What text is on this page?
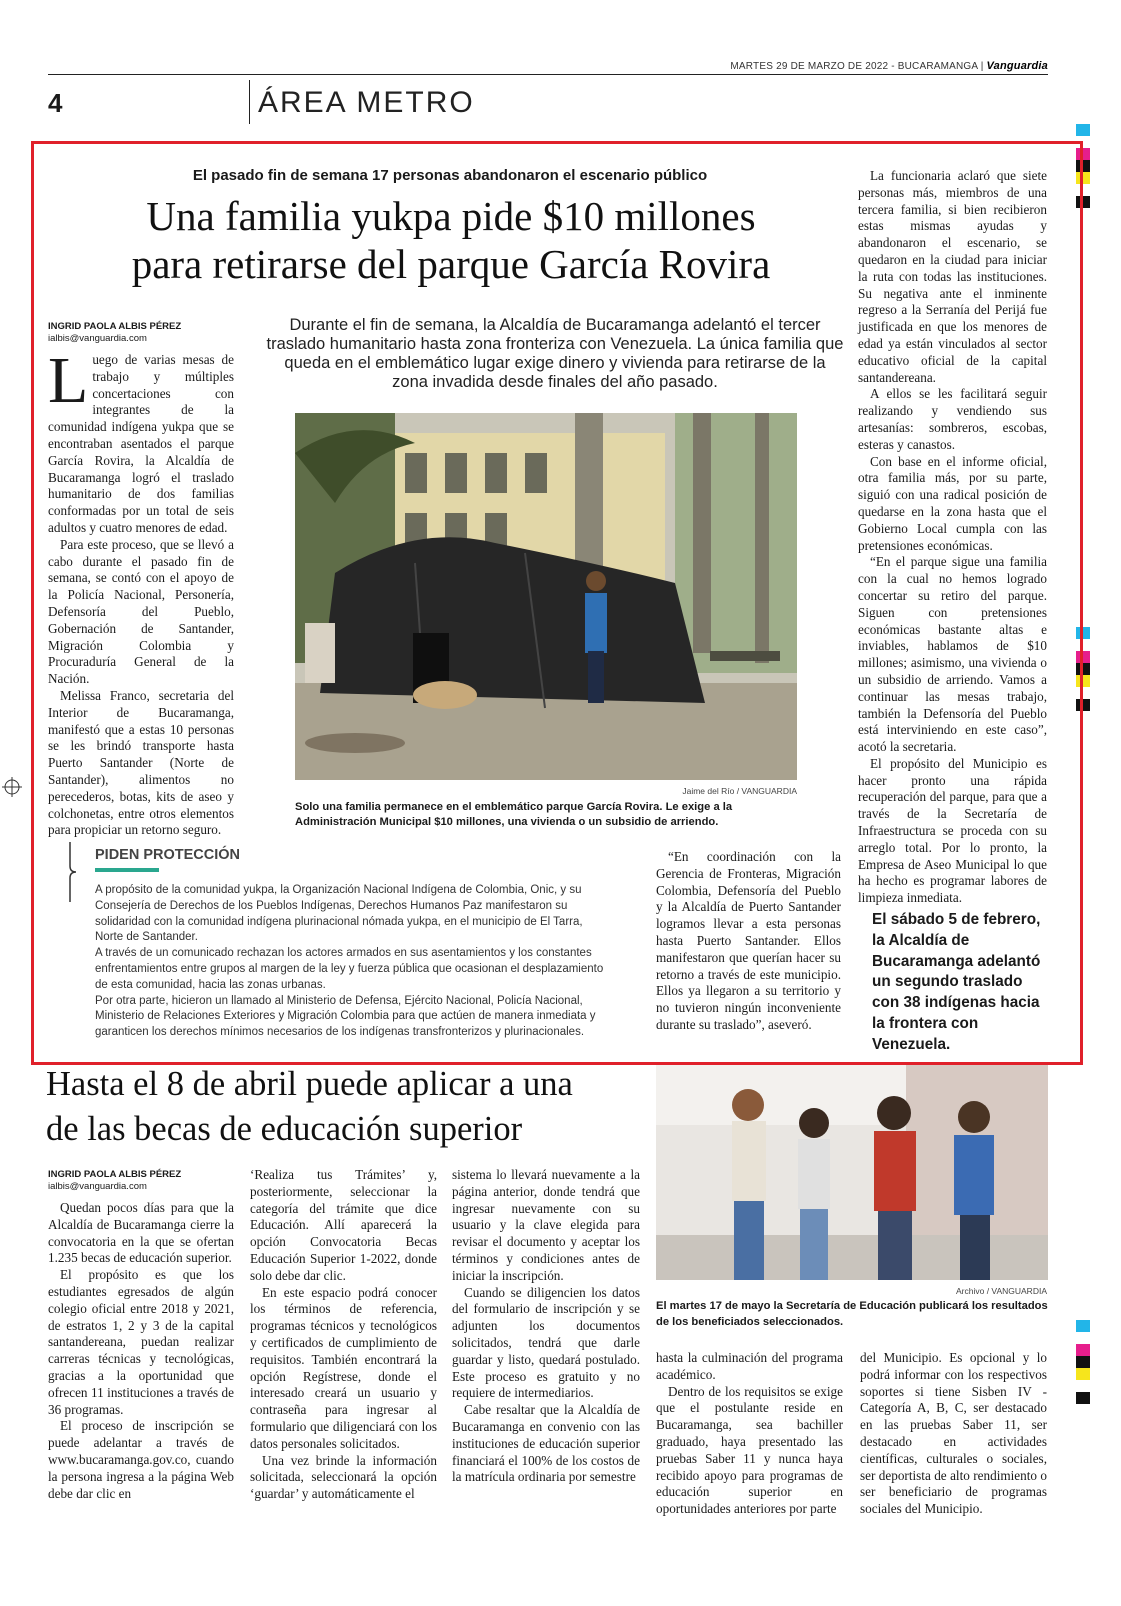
MARTES 29 DE MARZO DE 2022 - BUCARAMANGA | Vanguardia
4	ÁREA METRO
El pasado fin de semana 17 personas abandonaron el escenario público
Una familia yukpa pide $10 millones
para retirarse del parque García Rovira
INGRID PAOLA ALBIS PÉREZ
ialbis@vanguardia.com
Durante el fin de semana, la Alcaldía de Bucaramanga adelantó el tercer traslado humanitario hasta zona fronteriza con Venezuela. La única familia que queda en el emblemático lugar exige dinero y vivienda para retirarse de la zona invadida desde finales del año pasado.

Luego de varias mesas de trabajo y múltiples concertaciones con integrantes de la comunidad indígena yukpa que se encontraban asentados el parque García Rovira, la Alcaldía de Bucaramanga logró el traslado humanitario de dos familias conformadas por un total de seis adultos y cuatro menores de edad.

Para este proceso, que se llevó a cabo durante el pasado fin de semana, se contó con el apoyo de la Policía Nacional, Personería, Defensoría del Pueblo, Gobernación de Santander, Migración Colombia y Procuraduría General de la Nación.

Melissa Franco, secretaria del Interior de Bucaramanga, manifestó que a estas 10 personas se les brindó transporte hasta Puerto Santander (Norte de Santander), alimentos no perecederos, botas, kits de aseo y colchonetas, entre otros elementos para propiciar un retorno seguro.

Jaime del Río / VANGUARDIA
Solo una familia permanece en el emblemático parque García Rovira. Le exige a la Administración Municipal $10 millones, una vivienda o un subsidio de arriendo.

La funcionaria aclaró que siete personas más, miembros de una tercera familia, si bien recibieron estas mismas ayudas y abandonaron el escenario, se quedaron en la ciudad para iniciar la ruta con todas las instituciones. Su negativa ante el inminente regreso a la Serranía del Perijá fue justificada en que los menores de edad ya están vinculados al sector educativo oficial de la capital santandereana.

A ellos se les facilitará seguir realizando y vendiendo sus artesanías: sombreros, escobas, esteras y canastos.

Con base en el informe oficial, otra familia más, por su parte, siguió con una radical posición de quedarse en la zona hasta que el Gobierno Local cumpla con las pretensiones económicas.

“En el parque sigue una familia con la cual no hemos logrado concertar su retiro del parque. Siguen con pretensiones económicas bastante altas e inviables, hablamos de $10 millones; asimismo, una vivienda o un subsidio de arriendo. Vamos a continuar las mesas trabajo, también la Defensoría del Pueblo está interviniendo en este caso”, acotó la secretaria.

El propósito del Municipio es hacer pronto una rápida recuperación del parque, para que a través de la Secretaría de Infraestructura se proceda con su arreglo total. Por lo pronto, la Empresa de Aseo Municipal lo que ha hecho es programar labores de limpieza inmediata.

PIDEN PROTECCIÓN
A propósito de la comunidad yukpa, la Organización Nacional Indígena de Colombia, Onic, y su Consejería de Derechos de los Pueblos Indígenas, Derechos Humanos Paz manifestaron su solidaridad con la comunidad indígena plurinacional nómada yukpa, en el municipio de El Tarra, Norte de Santander.
A través de un comunicado rechazan los actores armados en sus asentamientos y los constantes enfrentamientos entre grupos al margen de la ley y fuerza pública que ocasionan el desplazamiento de esta comunidad, hacia las zonas urbanas.
Por otra parte, hicieron un llamado al Ministerio de Defensa, Ejército Nacional, Policía Nacional, Ministerio de Relaciones Exteriores y Migración Colombia para que actúen de manera inmediata y garanticen los derechos mínimos necesarios de los indígenas transfronterizos y plurinacionales.

“En coordinación con la Gerencia de Fronteras, Migración Colombia, Defensoría del Pueblo y la Alcaldía de Puerto Santander logramos llevar a esta personas hasta Puerto Santander. Ellos manifestaron que querían hacer su retorno a través de este municipio. Ellos ya llegaron a su territorio y no tuvieron ningún inconveniente durante su traslado”, aseveró.

El sábado 5 de febrero, la Alcaldía de Bucaramanga adelantó un segundo traslado con 38 indígenas hacia la frontera con Venezuela.
Hasta el 8 de abril puede aplicar a una
de las becas de educación superior
INGRID PAOLA ALBIS PÉREZ
ialbis@vanguardia.com

Quedan pocos días para que la Alcaldía de Bucaramanga cierre la convocatoria en la que se ofertan 1.235 becas de educación superior.

El propósito es que los estudiantes egresados de algún colegio oficial entre 2018 y 2021, de estratos 1, 2 y 3 de la capital santandereana, puedan realizar carreras técnicas y tecnológicas, gracias a la oportunidad que ofrecen 11 instituciones a través de 36 programas.

El proceso de inscripción se puede adelantar a través de www.bucaramanga.gov.co, cuando la persona ingresa a la página Web debe dar clic en

‘Realiza tus Trámites’ y, posteriormente, seleccionar la categoría del trámite que dice Educación. Allí aparecerá la opción Convocatoria Becas Educación Superior 1-2022, donde solo debe dar clic.

En este espacio podrá conocer los términos de referencia, programas técnicos y tecnológicos y certificados de cumplimiento de requisitos. También encontrará la opción Regístrese, donde el interesado creará un usuario y contraseña para ingresar al formulario que diligenciará con los datos personales solicitados.

Una vez brinde la información solicitada, seleccionará la opción ‘guardar’ y automáticamente el

sistema lo llevará nuevamente a la página anterior, donde tendrá que ingresar nuevamente con su usuario y la clave elegida para revisar el documento y aceptar los términos y condiciones antes de iniciar la inscripción.

Cuando se diligencien los datos del formulario de inscripción y se adjunten los documentos solicitados, tendrá que darle guardar y listo, quedará postulado. Este proceso es gratuito y no requiere de intermediarios.

Cabe resaltar que la Alcaldía de Bucaramanga en convenio con las instituciones de educación superior financiará el 100% de los costos de la matrícula ordinaria por semestre

Archivo / VANGUARDIA
El martes 17 de mayo la Secretaría de Educación publicará los resultados de los beneficiados seleccionados.

hasta la culminación del programa académico.

Dentro de los requisitos se exige que el postulante reside en Bucaramanga, sea bachiller graduado, haya presentado las pruebas Saber 11 y nunca haya recibido apoyo para programas de educación superior en oportunidades anteriores por parte

del Municipio. Es opcional y lo podrá informar con los respectivos soportes si tiene Sisben IV - Categoría A, B, C, ser destacado en las pruebas Saber 11, ser destacado en actividades científicas, culturales o sociales, ser deportista de alto rendimiento o ser beneficiario de programas sociales del Municipio.
